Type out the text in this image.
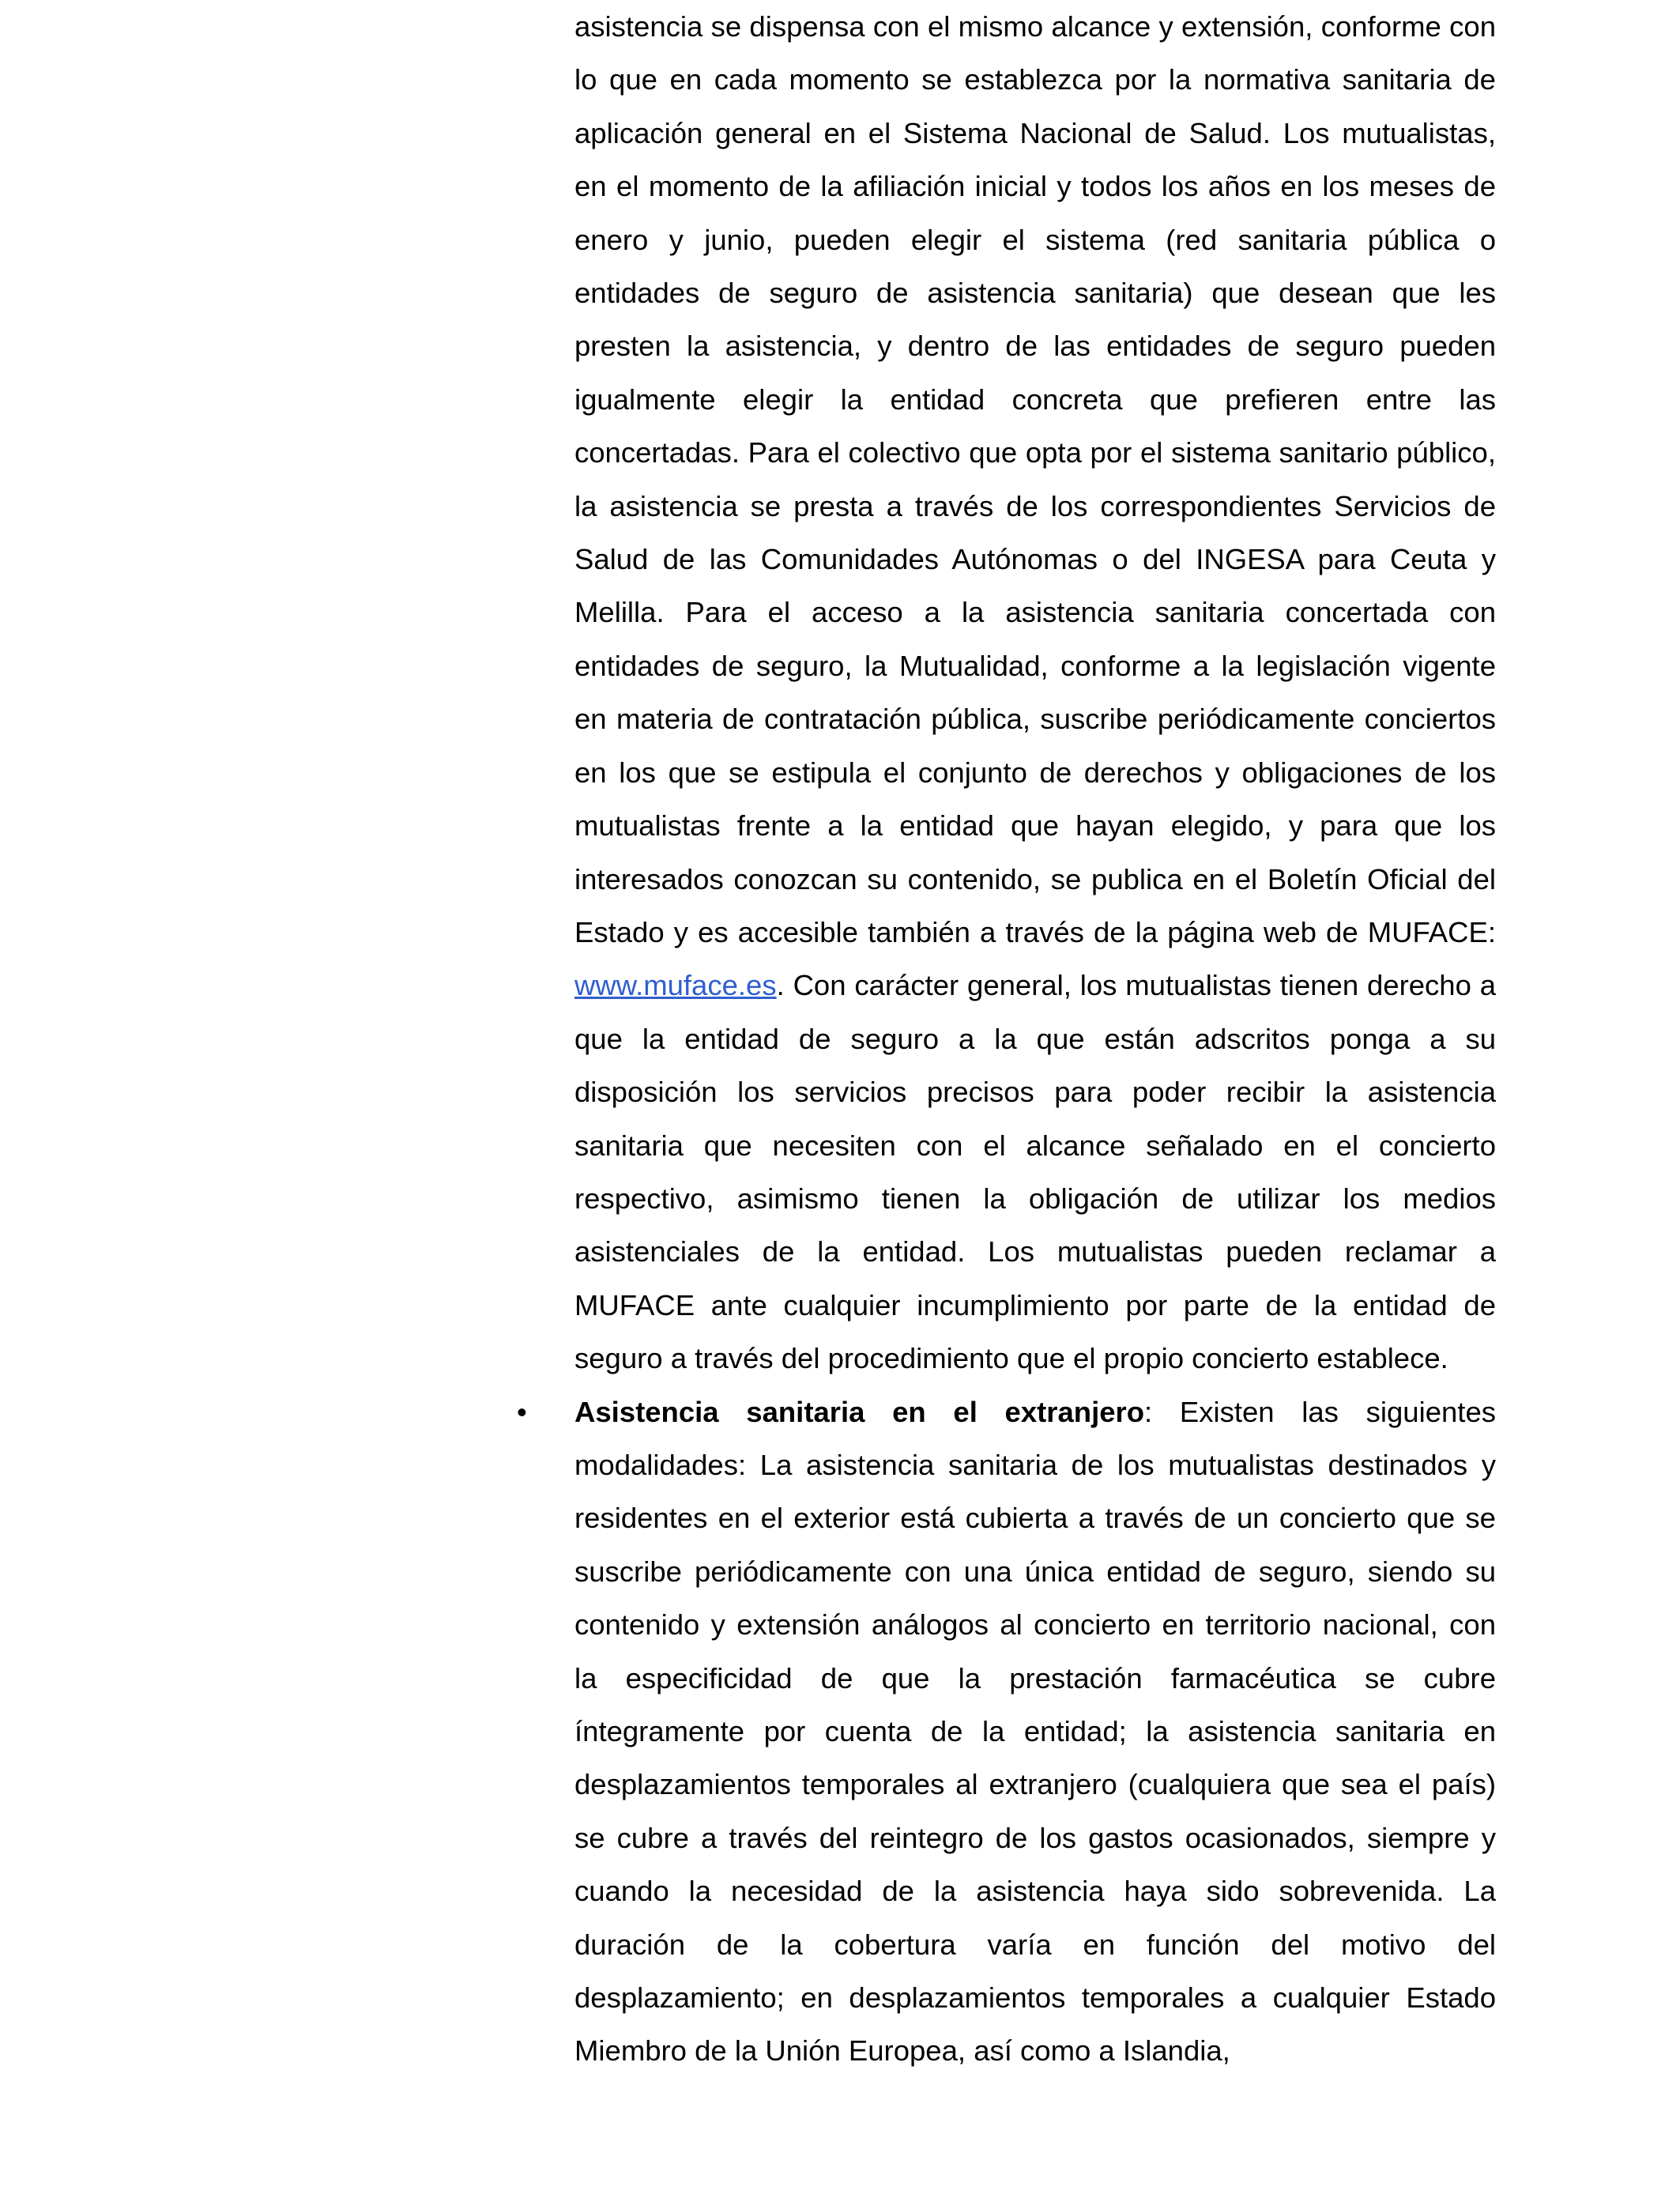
asistencia se dispensa con el mismo alcance y extensión, conforme con lo que en cada momento se establezca por la normativa sanitaria de aplicación general en el Sistema Nacional de Salud. Los mutualistas, en el momento de la afiliación inicial y todos los años en los meses de enero y junio, pueden elegir el sistema (red sanitaria pública o entidades de seguro de asistencia sanitaria) que desean que les presten la asistencia, y dentro de las entidades de seguro pueden igualmente elegir la entidad concreta que prefieren entre las concertadas. Para el colectivo que opta por el sistema sanitario público, la asistencia se presta a través de los correspondientes Servicios de Salud de las Comunidades Autónomas o del INGESA para Ceuta y Melilla. Para el acceso a la asistencia sanitaria concertada con entidades de seguro, la Mutualidad, conforme a la legislación vigente en materia de contratación pública, suscribe periódicamente conciertos en los que se estipula el conjunto de derechos y obligaciones de los mutualistas frente a la entidad que hayan elegido, y para que los interesados conozcan su contenido, se publica en el Boletín Oficial del Estado y es accesible también a través de la página web de MUFACE: www.muface.es. Con carácter general, los mutualistas tienen derecho a que la entidad de seguro a la que están adscritos ponga a su disposición los servicios precisos para poder recibir la asistencia sanitaria que necesiten con el alcance señalado en el concierto respectivo, asimismo tienen la obligación de utilizar los medios asistenciales de la entidad. Los mutualistas pueden reclamar a MUFACE ante cualquier incumplimiento por parte de la entidad de seguro a través del procedimiento que el propio concierto establece.

• Asistencia sanitaria en el extranjero: Existen las siguientes modalidades: La asistencia sanitaria de los mutualistas destinados y residentes en el exterior está cubierta a través de un concierto que se suscribe periódicamente con una única entidad de seguro, siendo su contenido y extensión análogos al concierto en territorio nacional, con la especificidad de que la prestación farmacéutica se cubre íntegramente por cuenta de la entidad; la asistencia sanitaria en desplazamientos temporales al extranjero (cualquiera que sea el país) se cubre a través del reintegro de los gastos ocasionados, siempre y cuando la necesidad de la asistencia haya sido sobrevenida. La duración de la cobertura varía en función del motivo del desplazamiento; en desplazamientos temporales a cualquier Estado Miembro de la Unión Europea, así como a Islandia,
